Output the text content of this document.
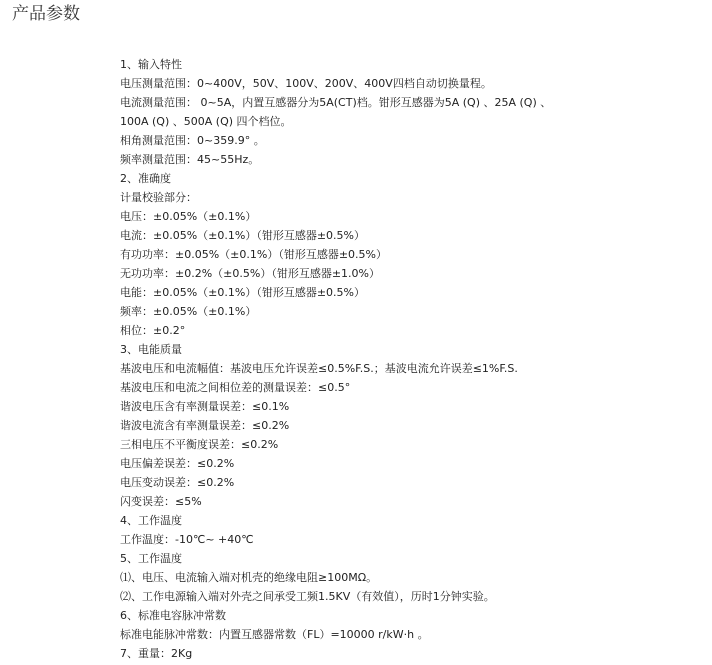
产品参数
1、输入特性
电压测量范围：0~400V，50V、100V、200V、400V四档自动切换量程。
电流测量范围： 0~5A，内置互感器分为5A(CT)档。钳形互感器为5A (Q) 、25A (Q) 、
100A (Q) 、500A (Q) 四个档位。
相角测量范围：0~359.9° 。
频率测量范围：45~55Hz。
2、准确度
计量校验部分：
电压：±0.05%（±0.1%）
电流：±0.05%（±0.1%）（钳形互感器±0.5%）
有功功率：±0.05%（±0.1%）（钳形互感器±0.5%）
无功功率：±0.2%（±0.5%）（钳形互感器±1.0%）
电能：±0.05%（±0.1%）（钳形互感器±0.5%）
频率：±0.05%（±0.1%）
相位：±0.2°
3、电能质量
基波电压和电流幅值：基波电压允许误差≤0.5%F.S.；基波电流允许误差≤1%F.S.
基波电压和电流之间相位差的测量误差：≤0.5°
谐波电压含有率测量误差：≤0.1%
谐波电流含有率测量误差：≤0.2%
三相电压不平衡度误差：≤0.2%
电压偏差误差：≤0.2%
电压变动误差：≤0.2%
闪变误差：≤5%
4、工作温度
工作温度：-10℃~ +40℃
5、工作温度
⑴、电压、电流输入端对机壳的绝缘电阻≥100MΩ。
⑵、工作电源输入端对外壳之间承受工频1.5KV（有效值），历时1分钟实验。
6、标准电容脉冲常数
标准电能脉冲常数：内置互感器常数（FL）=10000 r/kW·h 。
7、重量：2Kg
